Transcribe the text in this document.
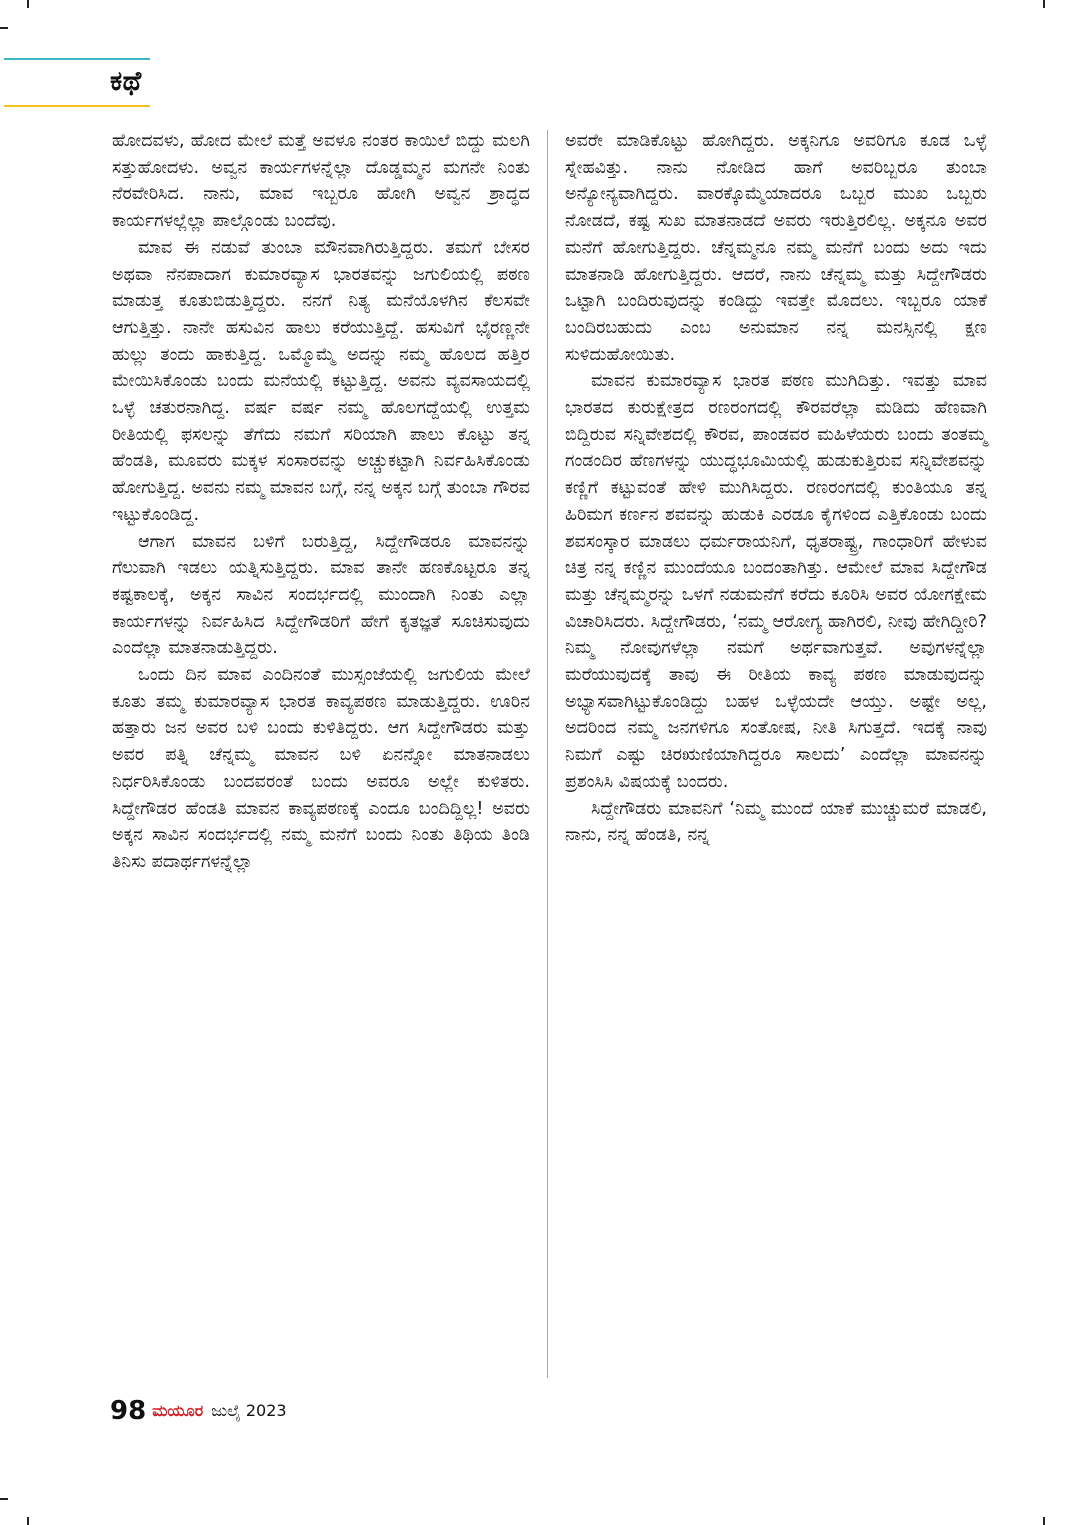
ಕಥೆ

ಹೋದವಳು, ಹೋದ ಮೇಲೆ ಮತ್ತೆ ಅವಳೂ ನಂತರ ಕಾಯಿಲೆ ಬಿದ್ದು ಮಲಗಿ ಸತ್ತುಹೋದಳು. ಅವ್ವನ ಕಾರ್ಯಗಳನ್ನೆಲ್ಲಾ ದೊಡ್ಡಮ್ಮನ ಮಗನೇ ನಿಂತು ನೆರವೇರಿಸಿದ. ನಾನು, ಮಾವ ಇಬ್ಬರೂ ಹೋಗಿ ಅವ್ವನ ಶ್ರಾದ್ಧದ ಕಾರ್ಯಗಳಲ್ಲೆಲ್ಲಾ ಪಾಲ್ಗೊಂಡು ಬಂದೆವು.

ಮಾವ ಈ ನಡುವೆ ತುಂಬಾ ಮೌನವಾಗಿರುತ್ತಿದ್ದರು. ತಮಗೆ ಬೇಸರ ಅಥವಾ ನೆನಪಾದಾಗ ಕುಮಾರವ್ಯಾಸ ಭಾರತವನ್ನು ಜಗುಲಿಯಲ್ಲಿ ಪಠಣ ಮಾಡುತ್ತ ಕೂತುಬಿಡುತ್ತಿದ್ದರು. ನನಗೆ ನಿತ್ಯ ಮನೆಯೊಳಗಿನ ಕೆಲಸವೇ ಆಗುತ್ತಿತ್ತು. ನಾನೇ ಹಸುವಿನ ಹಾಲು ಕರೆಯುತ್ತಿದ್ದೆ. ಹಸುವಿಗೆ ಭೈರಣ್ಣನೇ ಹುಲ್ಲು ತಂದು ಹಾಕುತ್ತಿದ್ದ. ಒಮ್ಮೊಮ್ಮೆ ಅದನ್ನು ನಮ್ಮ ಹೊಲದ ಹತ್ತಿರ ಮೇಯಿಸಿಕೊಂಡು ಬಂದು ಮನೆಯಲ್ಲಿ ಕಟ್ಟುತ್ತಿದ್ದ. ಅವನು ವ್ಯವಸಾಯದಲ್ಲಿ ಒಳ್ಳೆ ಚತುರನಾಗಿದ್ದ. ವರ್ಷ ವರ್ಷ ನಮ್ಮ ಹೊಲಗದ್ದೆಯಲ್ಲಿ ಉತ್ತಮ ರೀತಿಯಲ್ಲಿ ಫಸಲನ್ನು ತೆಗೆದು ನಮಗೆ ಸರಿಯಾಗಿ ಪಾಲು ಕೊಟ್ಟು ತನ್ನ ಹೆಂಡತಿ, ಮೂವರು ಮಕ್ಕಳ ಸಂಸಾರವನ್ನು ಅಚ್ಚುಕಟ್ಟಾಗಿ ನಿರ್ವಹಿಸಿಕೊಂಡು ಹೋಗುತ್ತಿದ್ದ. ಅವನು ನಮ್ಮ ಮಾವನ ಬಗ್ಗೆ, ನನ್ನ ಅಕ್ಕನ ಬಗ್ಗೆ ತುಂಬಾ ಗೌರವ ಇಟ್ಟುಕೊಂಡಿದ್ದ.

ಆಗಾಗ ಮಾವನ ಬಳಿಗೆ ಬರುತ್ತಿದ್ದ, ಸಿದ್ದೇಗೌಡರೂ ಮಾವನನ್ನು ಗೆಲುವಾಗಿ ಇಡಲು ಯತ್ನಿಸುತ್ತಿದ್ದರು. ಮಾವ ತಾನೇ ಹಣಕೊಟ್ಟರೂ ತನ್ನ ಕಷ್ಟಕಾಲಕ್ಕೆ, ಅಕ್ಕನ ಸಾವಿನ ಸಂದರ್ಭದಲ್ಲಿ ಮುಂದಾಗಿ ನಿಂತು ಎಲ್ಲಾ ಕಾರ್ಯಗಳನ್ನು ನಿರ್ವಹಿಸಿದ ಸಿದ್ದೇಗೌಡರಿಗೆ ಹೇಗೆ ಕೃತಜ್ಞತೆ ಸೂಚಿಸುವುದು ಎಂದೆಲ್ಲಾ ಮಾತನಾಡುತ್ತಿದ್ದರು.

ಒಂದು ದಿನ ಮಾವ ಎಂದಿನಂತೆ ಮುಸ್ಸಂಜೆಯಲ್ಲಿ ಜಗುಲಿಯ ಮೇಲೆ ಕೂತು ತಮ್ಮ ಕುಮಾರವ್ಯಾಸ ಭಾರತ ಕಾವ್ಯಪಠಣ ಮಾಡುತ್ತಿದ್ದರು. ಊರಿನ ಹತ್ತಾರು ಜನ ಅವರ ಬಳಿ ಬಂದು ಕುಳಿತಿದ್ದರು. ಆಗ ಸಿದ್ದೇಗೌಡರು ಮತ್ತು ಅವರ ಪತ್ನಿ ಚೆನ್ನಮ್ಮ ಮಾವನ ಬಳಿ ಏನನ್ನೋ ಮಾತನಾಡಲು ನಿರ್ಧರಿಸಿಕೊಂಡು ಬಂದವರಂತೆ ಬಂದು ಅವರೂ ಅಲ್ಲೇ ಕುಳಿತರು. ಸಿದ್ದೇಗೌಡರ ಹೆಂಡತಿ ಮಾವನ ಕಾವ್ಯಪಠಣಕ್ಕೆ ಎಂದೂ ಬಂದಿದ್ದಿಲ್ಲ! ಅವರು ಅಕ್ಕನ ಸಾವಿನ ಸಂದರ್ಭದಲ್ಲಿ ನಮ್ಮ ಮನೆಗೆ ಬಂದು ನಿಂತು ತಿಥಿಯ ತಿಂಡಿ ತಿನಿಸು ಪದಾರ್ಥಗಳನ್ನೆಲ್ಲಾ

ಅವರೇ ಮಾಡಿಕೊಟ್ಟು ಹೋಗಿದ್ದರು. ಅಕ್ಕನಿಗೂ ಅವರಿಗೂ ಕೂಡ ಒಳ್ಳೆ ಸ್ನೇಹವಿತ್ತು. ನಾನು ನೋಡಿದ ಹಾಗೆ ಅವರಿಬ್ಬರೂ ತುಂಬಾ ಅನ್ಯೋನ್ಯವಾಗಿದ್ದರು. ವಾರಕ್ಕೊಮ್ಮೆಯಾದರೂ ಒಬ್ಬರ ಮುಖ ಒಬ್ಬರು ನೋಡದೆ, ಕಷ್ಟ ಸುಖ ಮಾತನಾಡದೆ ಅವರು ಇರುತ್ತಿರಲಿಲ್ಲ. ಅಕ್ಕನೂ ಅವರ ಮನೆಗೆ ಹೋಗುತ್ತಿದ್ದರು. ಚೆನ್ನಮ್ಮನೂ ನಮ್ಮ ಮನೆಗೆ ಬಂದು ಅದು ಇದು ಮಾತನಾಡಿ ಹೋಗುತ್ತಿದ್ದರು. ಆದರೆ, ನಾನು ಚೆನ್ನಮ್ಮ ಮತ್ತು ಸಿದ್ದೇಗೌಡರು ಒಟ್ಟಾಗಿ ಬಂದಿರುವುದನ್ನು ಕಂಡಿದ್ದು ಇವತ್ತೇ ಮೊದಲು. ಇಬ್ಬರೂ ಯಾಕೆ ಬಂದಿರಬಹುದು ಎಂಬ ಅನುಮಾನ ನನ್ನ ಮನಸ್ಸಿನಲ್ಲಿ ಕ್ಷಣ ಸುಳಿದುಹೋಯಿತು.

ಮಾವನ ಕುಮಾರವ್ಯಾಸ ಭಾರತ ಪಠಣ ಮುಗಿದಿತ್ತು. ಇವತ್ತು ಮಾವ ಭಾರತದ ಕುರುಕ್ಷೇತ್ರದ ರಣರಂಗದಲ್ಲಿ ಕೌರವರೆಲ್ಲಾ ಮಡಿದು ಹೆಣವಾಗಿ ಬಿದ್ದಿರುವ ಸನ್ನಿವೇಶದಲ್ಲಿ ಕೌರವ, ಪಾಂಡವರ ಮಹಿಳೆಯರು ಬಂದು ತಂತಮ್ಮ ಗಂಡಂದಿರ ಹೆಣಗಳನ್ನು ಯುದ್ಧಭೂಮಿಯಲ್ಲಿ ಹುಡುಕುತ್ತಿರುವ ಸನ್ನಿವೇಶವನ್ನು ಕಣ್ಣಿಗೆ ಕಟ್ಟುವಂತೆ ಹೇಳಿ ಮುಗಿಸಿದ್ದರು. ರಣರಂಗದಲ್ಲಿ ಕುಂತಿಯೂ ತನ್ನ ಹಿರಿಮಗ ಕರ್ಣನ ಶವವನ್ನು ಹುಡುಕಿ ಎರಡೂ ಕೈಗಳಿಂದ ಎತ್ತಿಕೊಂಡು ಬಂದು ಶವಸಂಸ್ಕಾರ ಮಾಡಲು ಧರ್ಮರಾಯನಿಗೆ, ಧೃತರಾಷ್ಟ್ರ, ಗಾಂಧಾರಿಗೆ ಹೇಳುವ ಚಿತ್ರ ನನ್ನ ಕಣ್ಣಿನ ಮುಂದೆಯೂ ಬಂದಂತಾಗಿತ್ತು. ಆಮೇಲೆ ಮಾವ ಸಿದ್ದೇಗೌಡ ಮತ್ತು ಚೆನ್ನಮ್ಮರನ್ನು ಒಳಗೆ ನಡುಮನೆಗೆ ಕರೆದು ಕೂರಿಸಿ ಅವರ ಯೋಗಕ್ಷೇಮ ವಿಚಾರಿಸಿದರು. ಸಿದ್ದೇಗೌಡರು, ‘ನಮ್ಮ ಆರೋಗ್ಯ ಹಾಗಿರಲಿ, ನೀವು ಹೇಗಿದ್ದೀರಿ? ನಿಮ್ಮ ನೋವುಗಳೆಲ್ಲಾ ನಮಗೆ ಅರ್ಥವಾಗುತ್ತವೆ. ಅವುಗಳನ್ನೆಲ್ಲಾ ಮರೆಯುವುದಕ್ಕೆ ತಾವು ಈ ರೀತಿಯ ಕಾವ್ಯ ಪಠಣ ಮಾಡುವುದನ್ನು ಅಭ್ಯಾಸವಾಗಿಟ್ಟುಕೊಂಡಿದ್ದು ಬಹಳ ಒಳ್ಳೆಯದೇ ಆಯ್ತು. ಅಷ್ಟೇ ಅಲ್ಲ, ಅದರಿಂದ ನಮ್ಮ ಜನಗಳಿಗೂ ಸಂತೋಷ, ನೀತಿ ಸಿಗುತ್ತದೆ. ಇದಕ್ಕೆ ನಾವು ನಿಮಗೆ ಎಷ್ಟು ಚಿರಋಣಿಯಾಗಿದ್ದರೂ ಸಾಲದು’ ಎಂದೆಲ್ಲಾ ಮಾವನನ್ನು ಪ್ರಶಂಸಿಸಿ ವಿಷಯಕ್ಕೆ ಬಂದರು.

ಸಿದ್ದೇಗೌಡರು ಮಾವನಿಗೆ ‘ನಿಮ್ಮ ಮುಂದೆ ಯಾಕೆ ಮುಚ್ಚುಮರೆ ಮಾಡಲಿ, ನಾನು, ನನ್ನ ಹೆಂಡತಿ, ನನ್ನ

98 ಮಯೂರ ಜುಲೈ 2023
